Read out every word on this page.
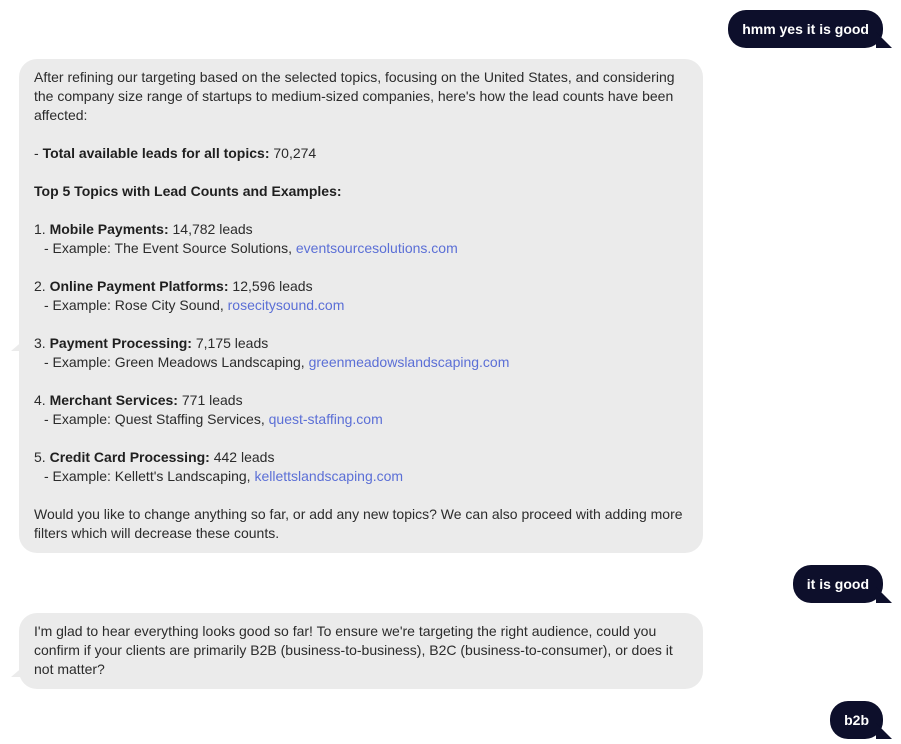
hmm yes it is good
After refining our targeting based on the selected topics, focusing on the United States, and considering the company size range of startups to medium-sized companies, here's how the lead counts have been affected:
- Total available leads for all topics: 70,274
Top 5 Topics with Lead Counts and Examples:
1. Mobile Payments: 14,782 leads
- Example: The Event Source Solutions, eventsourcesolutions.com
2. Online Payment Platforms: 12,596 leads
- Example: Rose City Sound, rosecitysound.com
3. Payment Processing: 7,175 leads
- Example: Green Meadows Landscaping, greenmeadowslandscaping.com
4. Merchant Services: 771 leads
- Example: Quest Staffing Services, quest-staffing.com
5. Credit Card Processing: 442 leads
- Example: Kellett's Landscaping, kellettslandscaping.com
Would you like to change anything so far, or add any new topics? We can also proceed with adding more filters which will decrease these counts.
it is good
I'm glad to hear everything looks good so far! To ensure we're targeting the right audience, could you confirm if your clients are primarily B2B (business-to-business), B2C (business-to-consumer), or does it not matter?
b2b
